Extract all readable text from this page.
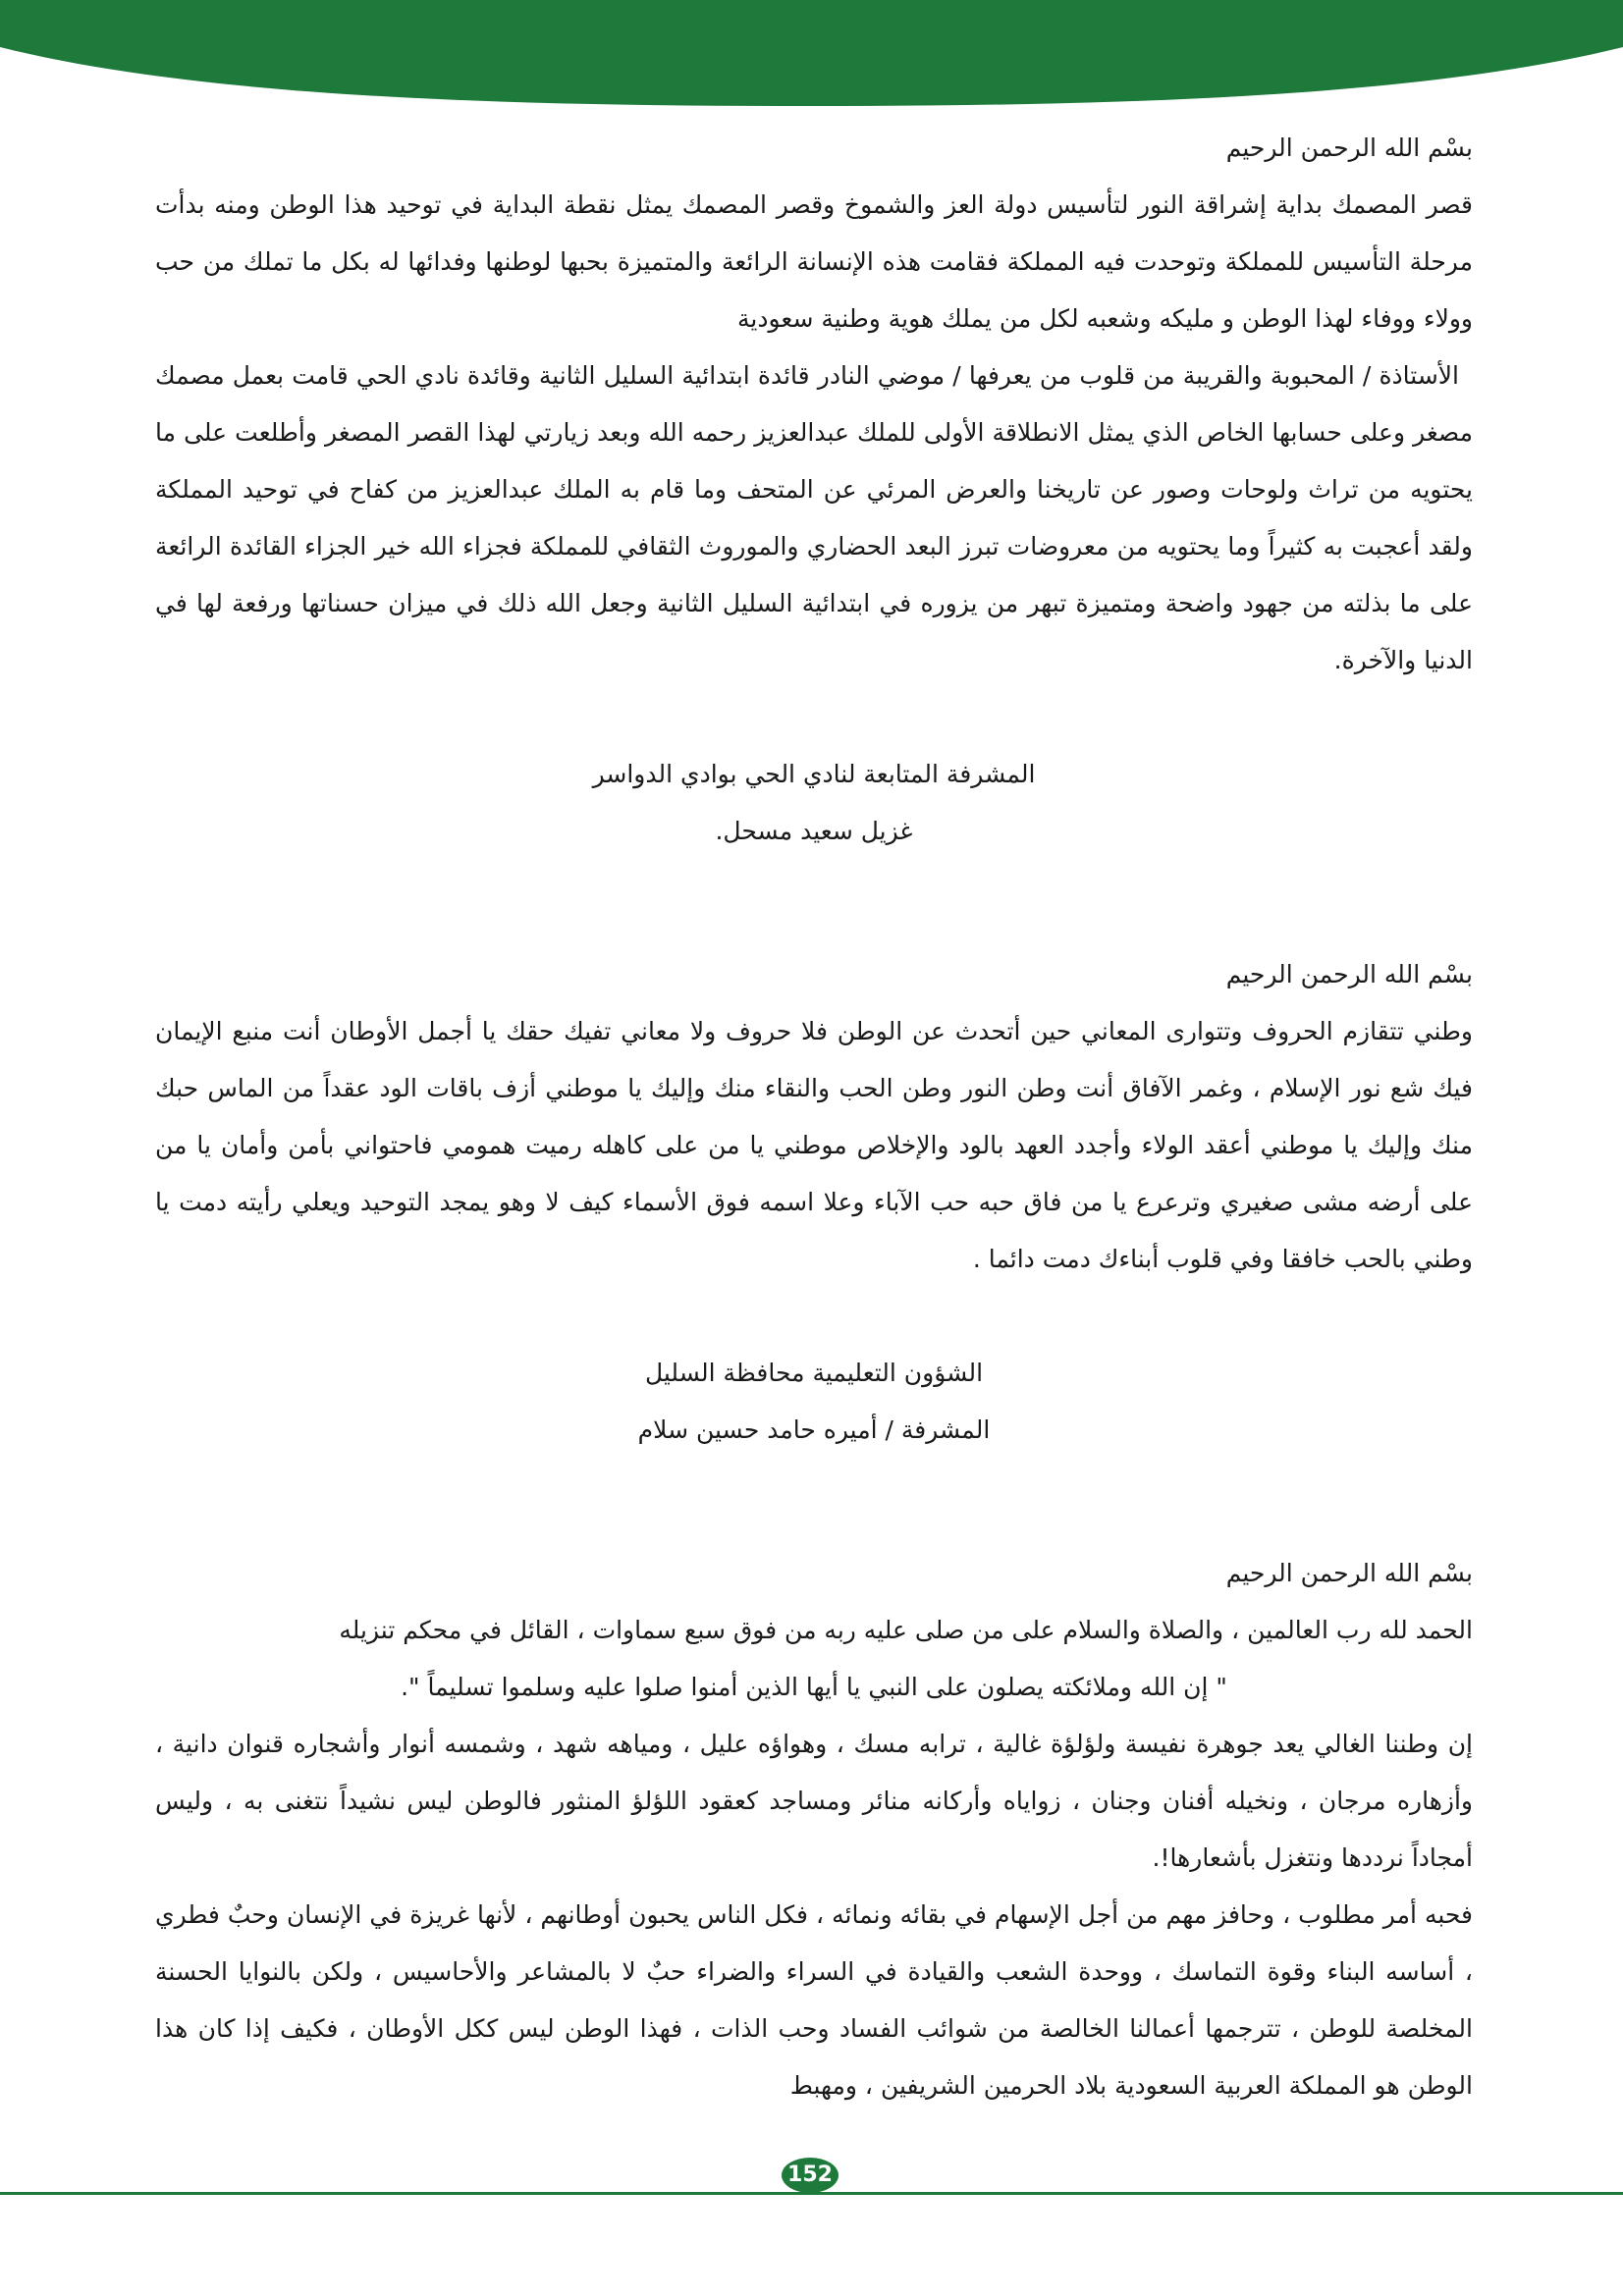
بسْم الله الرحمن الرحيم

قصر المصمك بداية إشراقة النور لتأسيس دولة العز والشموخ وقصر المصمك يمثل نقطة البداية في توحيد هذا الوطن ومنه بدأت مرحلة التأسيس للمملكة وتوحدت فيه المملكة فقامت هذه الإنسانة الرائعة والمتميزة بحبها لوطنها وفدائها له بكل ما تملك من حب وولاء ووفاء لهذا الوطن و مليكه وشعبه لكل من يملك هوية وطنية سعودية

الأستاذة / المحبوبة والقريبة من قلوب من يعرفها / موضي النادر قائدة ابتدائية السليل الثانية وقائدة نادي الحي قامت بعمل مصمك مصغر وعلى حسابها الخاص الذي يمثل الانطلاقة الأولى للملك عبدالعزيز رحمه الله وبعد زيارتي لهذا القصر المصغر وأطلعت على ما يحتويه من تراث ولوحات وصور عن تاريخنا والعرض المرئي عن المتحف وما قام به الملك عبدالعزيز من كفاح في توحيد المملكة ولقد أعجبت به كثيراً وما يحتويه من معروضات تبرز البعد الحضاري والموروث الثقافي للمملكة فجزاء الله خير الجزاء القائدة الرائعة على ما بذلته من جهود واضحة ومتميزة تبهر من يزوره في ابتدائية السليل الثانية وجعل الله ذلك في ميزان حسناتها ورفعة لها في الدنيا والآخرة.

المشرفة المتابعة لنادي الحي بوادي الدواسر

غزيل سعيد مسحل.

بسْم الله الرحمن الرحيم

وطني تتقازم الحروف وتتوارى المعاني حين أتحدث عن الوطن فلا حروف ولا معاني تفيك حقك يا أجمل الأوطان أنت منبع الإيمان فيك شع نور الإسلام ، وغمر الآفاق أنت وطن النور وطن الحب والنقاء منك وإليك يا موطني أزف باقات الود عقداً من الماس حبك منك وإليك يا موطني أعقد الولاء وأجدد العهد بالود والإخلاص موطني يا من على كاهله رميت همومي فاحتواني بأمن وأمان يا من على أرضه مشى صغيري وترعرع يا من فاق حبه حب الآباء وعلا اسمه فوق الأسماء كيف لا وهو يمجد التوحيد ويعلي رأيته دمت يا وطني بالحب خافقا وفي قلوب أبناءك دمت دائما .

الشؤون التعليمية محافظة السليل

المشرفة / أميره حامد حسين سلام

بسْم الله الرحمن الرحيم

الحمد لله رب العالمين ، والصلاة والسلام على من صلى عليه ربه من فوق سبع سماوات ، القائل في محكم تنزيله

" إن الله وملائكته يصلون على النبي يا أيها الذين أمنوا صلوا عليه وسلموا تسليماً ".

إن وطننا الغالي يعد جوهرة نفيسة ولؤلؤة غالية ، ترابه مسك ، وهواؤه عليل ، ومياهه شهد ، وشمسه أنوار وأشجاره قنوان دانية ، وأزهاره مرجان ، ونخيله أفنان وجنان ، زواياه وأركانه منائر ومساجد كعقود اللؤلؤ المنثور فالوطن ليس نشيداً نتغنى به ، وليس أمجاداً نرددها ونتغزل بأشعارها!.

فحبه أمر مطلوب ، وحافز مهم من أجل الإسهام في بقائه ونمائه ، فكل الناس يحبون أوطانهم ، لأنها غريزة في الإنسان وحبٌ فطري ، أساسه البناء وقوة التماسك ، ووحدة الشعب والقيادة في السراء والضراء حبٌ لا بالمشاعر والأحاسيس ، ولكن بالنوايا الحسنة المخلصة للوطن ، تترجمها أعمالنا الخالصة من شوائب الفساد وحب الذات ، فهذا الوطن ليس ككل الأوطان ، فكيف إذا كان هذا الوطن هو المملكة العربية السعودية بلاد الحرمين الشريفين ، ومهبط

152
